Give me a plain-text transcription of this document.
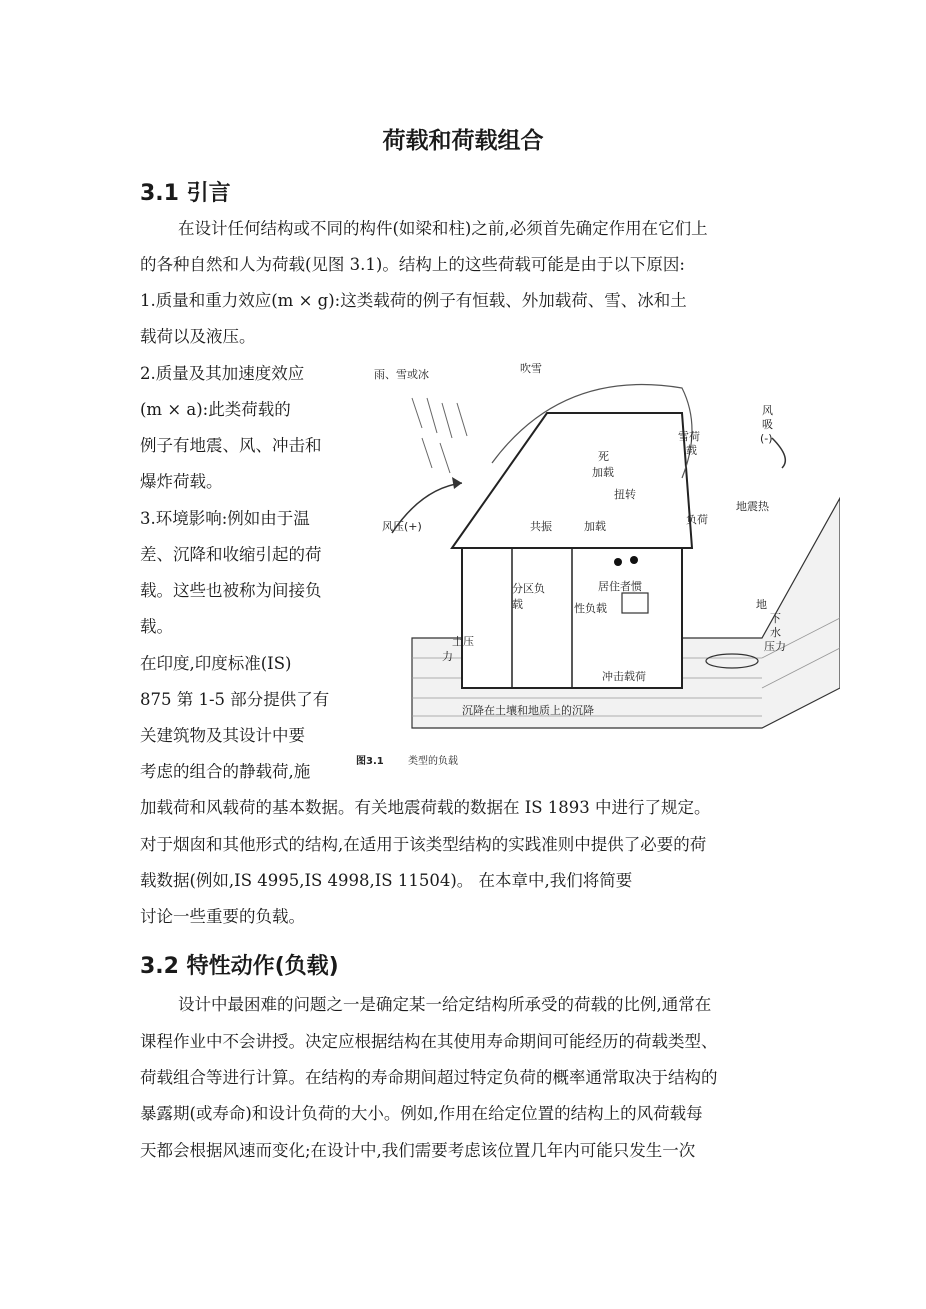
荷载和荷载组合
3.1 引言
在设计任何结构或不同的构件(如梁和柱)之前,必须首先确定作用在它们上
的各种自然和人为荷载(见图 3.1)。结构上的这些荷载可能是由于以下原因:
1.质量和重力效应(m × g):这类载荷的例子有恒载、外加载荷、雪、冰和土
载荷以及液压。
2.质量及其加速度效应
(m × a):此类荷载的
例子有地震、风、冲击和
爆炸荷载。
3.环境影响:例如由于温
差、沉降和收缩引起的荷
载。这些也被称为间接负
载。
在印度,印度标准(IS)
875 第 1-5 部分提供了有
关建筑物及其设计中要
考虑的组合的静载荷,施
雨、雪或冰	吹雪
雪荷
载
风
吸
(-)
死
加载
扭转
共振	加载
负荷
地震热
风压(+)
分区负
载
居住者惯
性负载
土压
力
地
下
水
压力
冲击载荷
沉降在土壤和地质上的沉降
图3.1 类型的负载
加载荷和风载荷的基本数据。有关地震荷载的数据在 IS 1893 中进行了规定。
对于烟囱和其他形式的结构,在适用于该类型结构的实践准则中提供了必要的荷
载数据(例如,IS 4995,IS 4998,IS 11504)。 在本章中,我们将简要
讨论一些重要的负载。
3.2 特性动作(负载)
设计中最困难的问题之一是确定某一给定结构所承受的荷载的比例,通常在
课程作业中不会讲授。决定应根据结构在其使用寿命期间可能经历的荷载类型、
荷载组合等进行计算。在结构的寿命期间超过特定负荷的概率通常取决于结构的
暴露期(或寿命)和设计负荷的大小。例如,作用在给定位置的结构上的风荷载每
天都会根据风速而变化;在设计中,我们需要考虑该位置几年内可能只发生一次
